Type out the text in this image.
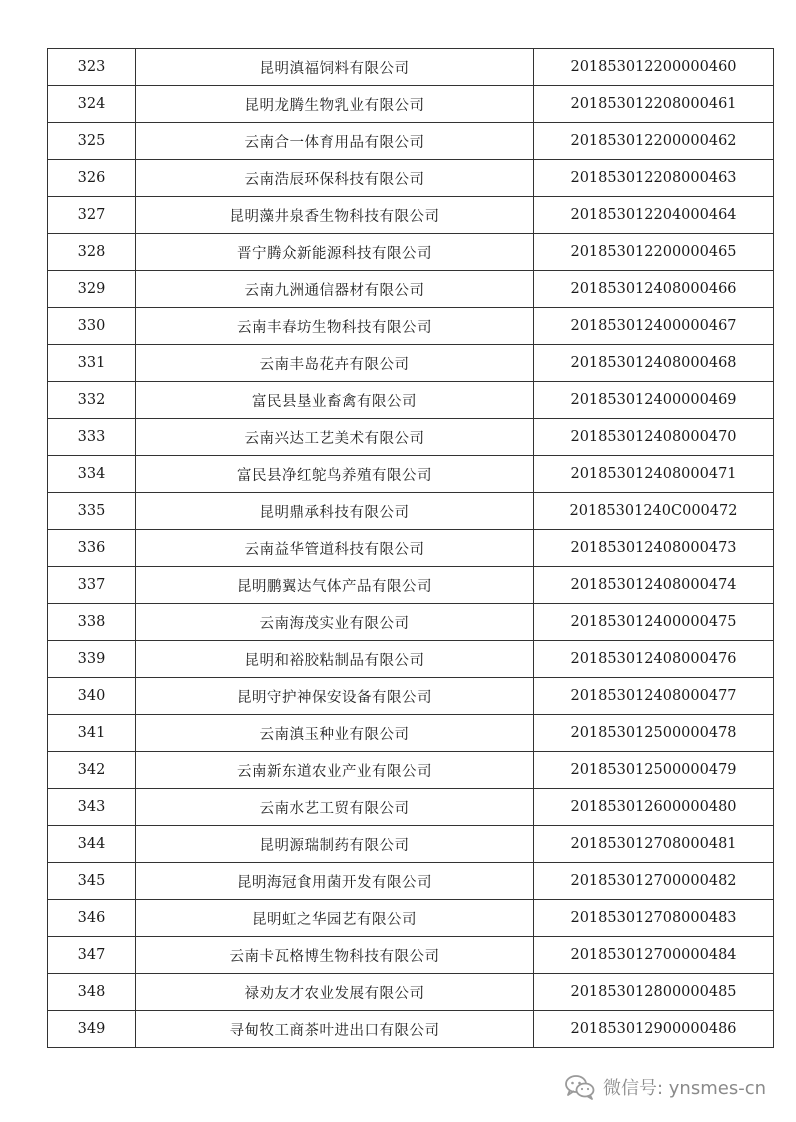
323	昆明滇福饲料有限公司	201853012200000460
324	昆明龙腾生物乳业有限公司	201853012208000461
325	云南合一体育用品有限公司	201853012200000462
326	云南浩辰环保科技有限公司	201853012208000463
327	昆明藻井泉香生物科技有限公司	201853012204000464
328	晋宁腾众新能源科技有限公司	201853012200000465
329	云南九洲通信器材有限公司	201853012408000466
330	云南丰春坊生物科技有限公司	201853012400000467
331	云南丰岛花卉有限公司	201853012408000468
332	富民县垦业畜禽有限公司	201853012400000469
333	云南兴达工艺美术有限公司	201853012408000470
334	富民县净红鸵鸟养殖有限公司	201853012408000471
335	昆明鼎承科技有限公司	20185301240C000472
336	云南益华管道科技有限公司	201853012408000473
337	昆明鹏翼达气体产品有限公司	201853012408000474
338	云南海茂实业有限公司	201853012400000475
339	昆明和裕胶粘制品有限公司	201853012408000476
340	昆明守护神保安设备有限公司	201853012408000477
341	云南滇玉种业有限公司	201853012500000478
342	云南新东道农业产业有限公司	201853012500000479
343	云南水艺工贸有限公司	201853012600000480
344	昆明源瑞制药有限公司	201853012708000481
345	昆明海冠食用菌开发有限公司	201853012700000482
346	昆明虹之华园艺有限公司	201853012708000483
347	云南卡瓦格博生物科技有限公司	201853012700000484
348	禄劝友才农业发展有限公司	201853012800000485
349	寻甸牧工商茶叶进出口有限公司	201853012900000486
微信号: ynsmes-cn
